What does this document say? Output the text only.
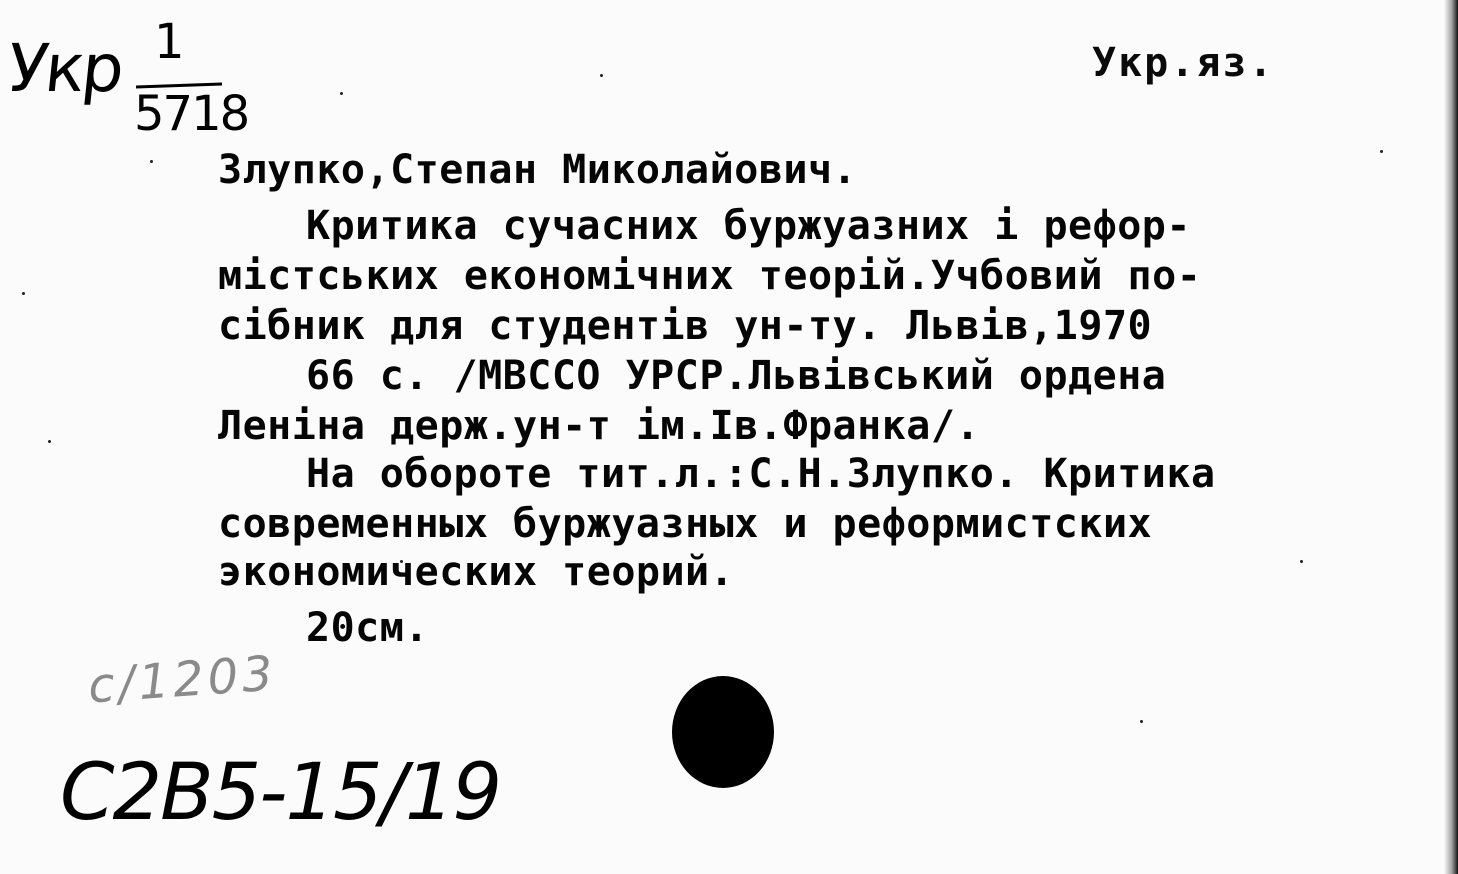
Укр 1
5718

Укр.яз.

Злупко,Степан Миколайович.

Критика сучасних буржуазних і рефор-

містських економічних теорій.Учбовий по-

сібник для студентів ун-ту. Львів,1970

66 с. /МВССО УРСР.Львівський ордена

Леніна держ.ун-т ім.Ів.Франка/.

На обороте тит.л.:С.Н.Злупко. Критика

современных буржуазных и реформистских

экономических теорий.

20см.

с/1203

С2B5-15/19
